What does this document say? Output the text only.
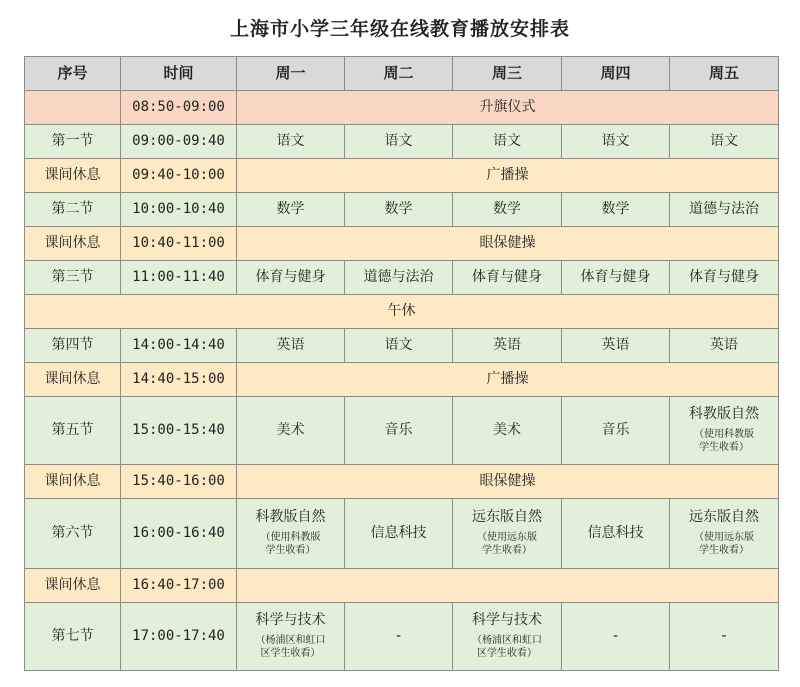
上海市小学三年级在线教育播放安排表
序号	时间	周一	周二	周三	周四	周五
	08:50-09:00	升旗仪式				
第一节	09:00-09:40	语文	语文	语文	语文	语文
课间休息	09:40-10:00	广播操				
第二节	10:00-10:40	数学	数学	数学	数学	道德与法治
课间休息	10:40-11:00	眼保健操				
第三节	11:00-11:40	体育与健身	道德与法治	体育与健身	体育与健身	体育与健身
午休						
第四节	14:00-14:40	英语	语文	英语	英语	英语
课间休息	14:40-15:00	广播操				
第五节	15:00-15:40	美术	音乐	美术	音乐	科教版自然
（使用科教版
学生收看）

课间休息	15:40-16:00	眼保健操				
第六节	16:00-16:40	科教版自然
（使用科教版
学生收看）	信息科技	远东版自然
（使用远东版
学生收看）	信息科技	远东版自然
（使用远东版
学生收看）

课间休息	16:40-17:00					
第七节	17:00-17:40	科学与技术
（杨浦区和虹口
区学生收看）	-	科学与技术
（杨浦区和虹口
区学生收看）	-	-
